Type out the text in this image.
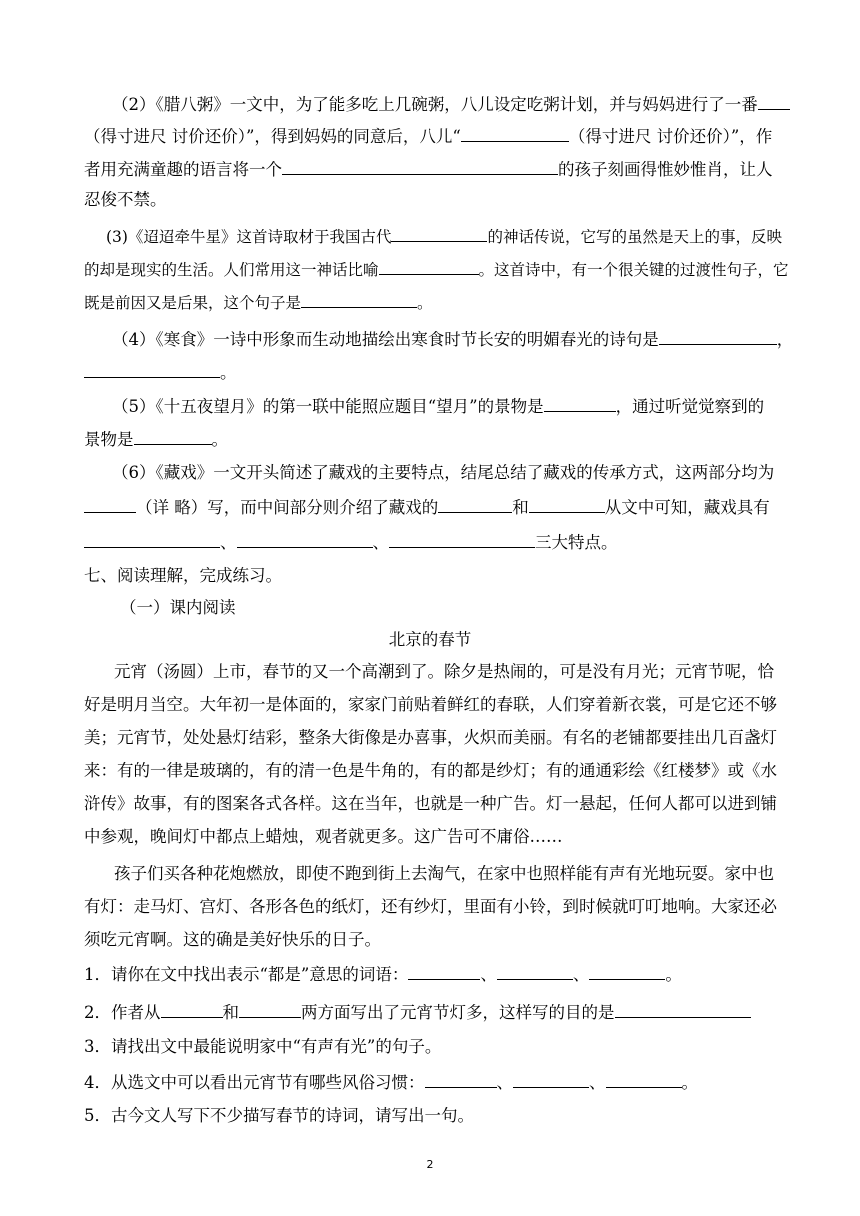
（2）《腊八粥》一文中，为了能多吃上几碗粥，八儿设定吃粥计划，并与妈妈进行了一番
（得寸进尺 讨价还价）”，得到妈妈的同意后，八儿“	（得寸进尺 讨价还价）”，作
者用充满童趣的语言将一个	的孩子刻画得惟妙惟肖，让人
忍俊不禁。
(3)《迢迢牵牛星》这首诗取材于我国古代	的神话传说，它写的虽然是天上的事，反映
的却是现实的生活。人们常用这一神话比喻	。这首诗中，有一个很关键的过渡性句子，它
既是前因又是后果，这个句子是	。
（4）《寒食》一诗中形象而生动地描绘出寒食时节长安的明媚春光的诗句是	，
。
（5）《十五夜望月》的第一联中能照应题目“望月”的景物是	，通过听觉觉察到的
景物是	。
（6）《藏戏》一文开头简述了藏戏的主要特点，结尾总结了藏戏的传承方式，这两部分均为
（详 略）写，而中间部分则介绍了藏戏的	和	从文中可知，藏戏具有
、	、	三大特点。
七、阅读理解，完成练习。
（一）课内阅读
北京的春节
元宵（汤圆）上市，春节的又一个高潮到了。除夕是热闹的，可是没有月光；元宵节呢，恰
好是明月当空。大年初一是体面的，家家门前贴着鲜红的春联，人们穿着新衣裳，可是它还不够
美；元宵节，处处悬灯结彩，整条大街像是办喜事，火炽而美丽。有名的老铺都要挂出几百盏灯
来：有的一律是玻璃的，有的清一色是牛角的，有的都是纱灯；有的通通彩绘《红楼梦》或《水
浒传》故事，有的图案各式各样。这在当年，也就是一种广告。灯一悬起，任何人都可以进到铺
中参观，晚间灯中都点上蜡烛，观者就更多。这广告可不庸俗……
孩子们买各种花炮燃放，即使不跑到街上去淘气，在家中也照样能有声有光地玩耍。家中也
有灯：走马灯、宫灯、各形各色的纸灯，还有纱灯，里面有小铃，到时候就叮叮地响。大家还必
须吃元宵啊。这的确是美好快乐的日子。
1．请你在文中找出表示“都是”意思的词语：	、	、	。
2．作者从	和	两方面写出了元宵节灯多，这样写的目的是
3．请找出文中最能说明家中“有声有光”的句子。
4．从选文中可以看出元宵节有哪些风俗习惯：	、	、	。
5．古今文人写下不少描写春节的诗词，请写出一句。
2
